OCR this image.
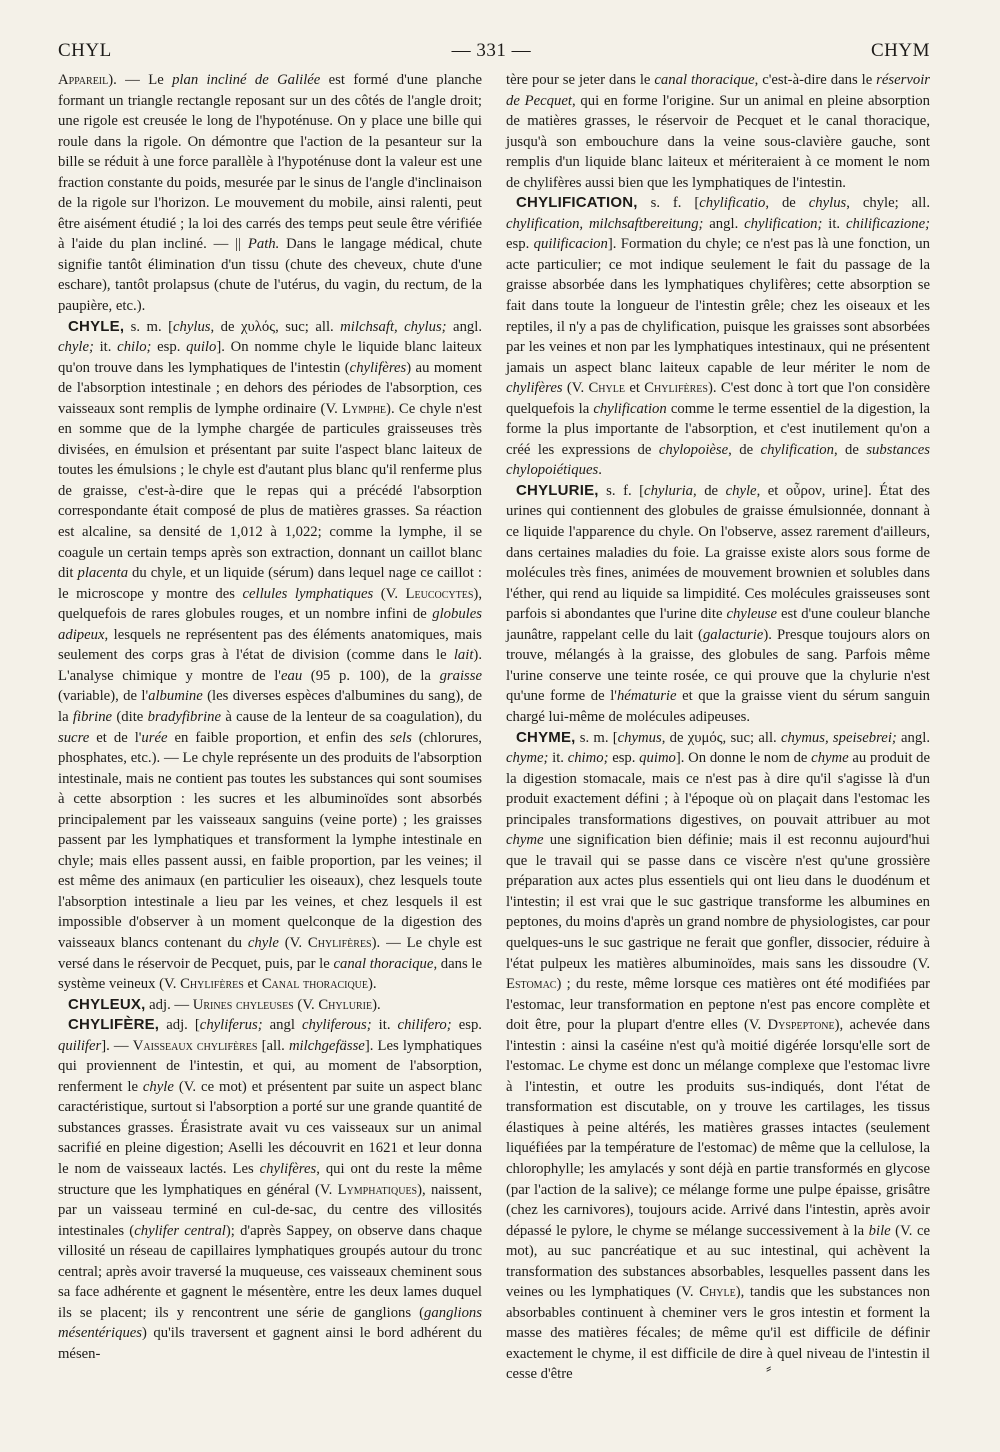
CHYL	— 331 —	CHYM

Appareil). — Le plan incliné de Galilée est formé d'une planche formant un triangle rectangle reposant sur un des côtés de l'angle droit; une rigole est creusée le long de l'hypoténuse. On y place une bille qui roule dans la rigole. On démontre que l'action de la pesanteur sur la bille se réduit à une force parallèle à l'hypoténuse dont la valeur est une fraction constante du poids, mesurée par le sinus de l'angle d'inclinaison de la rigole sur l'horizon. Le mouvement du mobile, ainsi ralenti, peut être aisément étudié ; la loi des carrés des temps peut seule être vérifiée à l'aide du plan incliné. — || Path. Dans le langage médical, chute signifie tantôt élimination d'un tissu (chute des cheveux, chute d'une eschare), tantôt prolapsus (chute de l'utérus, du vagin, du rectum, de la paupière, etc.).

CHYLE, s. m. [chylus, de χυλός, suc; all. milchsaft, chylus; angl. chyle; it. chilo; esp. quilo]. On nomme chyle le liquide blanc laiteux qu'on trouve dans les lymphatiques de l'intestin (chylifères) au moment de l'absorption intestinale ; en dehors des périodes de l'absorption, ces vaisseaux sont remplis de lymphe ordinaire (V. Lymphe). Ce chyle n'est en somme que de la lymphe chargée de particules graisseuses très divisées, en émulsion et présentant par suite l'aspect blanc laiteux de toutes les émulsions ; le chyle est d'autant plus blanc qu'il renferme plus de graisse, c'est-à-dire que le repas qui a précédé l'absorption correspondante était composé de plus de matières grasses. Sa réaction est alcaline, sa densité de 1,012 à 1,022; comme la lymphe, il se coagule un certain temps après son extraction, donnant un caillot blanc dit placenta du chyle, et un liquide (sérum) dans lequel nage ce caillot : le microscope y montre des cellules lymphatiques (V. Leucocytes), quelquefois de rares globules rouges, et un nombre infini de globules adipeux, lesquels ne représentent pas des éléments anatomiques, mais seulement des corps gras à l'état de division (comme dans le lait). L'analyse chimique y montre de l'eau (95 p. 100), de la graisse (variable), de l'albumine (les diverses espèces d'albumines du sang), de la fibrine (dite bradyfibrine à cause de la lenteur de sa coagulation), du sucre et de l'urée en faible proportion, et enfin des sels (chlorures, phosphates, etc.). — Le chyle représente un des produits de l'absorption intestinale, mais ne contient pas toutes les substances qui sont soumises à cette absorption : les sucres et les albuminoïdes sont absorbés principalement par les vaisseaux sanguins (veine porte) ; les graisses passent par les lymphatiques et transforment la lymphe intestinale en chyle; mais elles passent aussi, en faible proportion, par les veines; il est même des animaux (en particulier les oiseaux), chez lesquels toute l'absorption intestinale a lieu par les veines, et chez lesquels il est impossible d'observer à un moment quelconque de la digestion des vaisseaux blancs contenant du chyle (V. Chylifères). — Le chyle est versé dans le réservoir de Pecquet, puis, par le canal thoracique, dans le système veineux (V. Chylifères et Canal thoracique).

CHYLEUX, adj. — Urines chyleuses (V. Chylurie).

CHYLIFÈRE, adj. [chyliferus; angl chyliferous; it. chilifero; esp. quilifer]. — Vaisseaux chylifères [all. milchgefässe]. Les lymphatiques qui proviennent de l'intestin, et qui, au moment de l'absorption, renferment le chyle (V. ce mot) et présentent par suite un aspect blanc caractéristique, surtout si l'absorption a porté sur une grande quantité de substances grasses. Érasistrate avait vu ces vaisseaux sur un animal sacrifié en pleine digestion; Aselli les découvrit en 1621 et leur donna le nom de vaisseaux lactés. Les chylifères, qui ont du reste la même structure que les lymphatiques en général (V. Lymphatiques), naissent, par un vaisseau terminé en cul-de-sac, du centre des villosités intestinales (chylifer central); d'après Sappey, on observe dans chaque villosité un réseau de capillaires lymphatiques groupés autour du tronc central; après avoir traversé la muqueuse, ces vaisseaux cheminent sous sa face adhérente et gagnent le mésentère, entre les deux lames duquel ils se placent; ils y rencontrent une série de ganglions (ganglions mésentériques) qu'ils traversent et gagnent ainsi le bord adhérent du mésen-

tère pour se jeter dans le canal thoracique, c'est-à-dire dans le réservoir de Pecquet, qui en forme l'origine. Sur un animal en pleine absorption de matières grasses, le réservoir de Pecquet et le canal thoracique, jusqu'à son embouchure dans la veine sous-clavière gauche, sont remplis d'un liquide blanc laiteux et mériteraient à ce moment le nom de chylifères aussi bien que les lymphatiques de l'intestin.

CHYLIFICATION, s. f. [chylificatio, de chylus, chyle; all. chylification, milchsaftbereitung; angl. chylification; it. chilificazione; esp. quilificacion]. Formation du chyle; ce n'est pas là une fonction, un acte particulier; ce mot indique seulement le fait du passage de la graisse absorbée dans les lymphatiques chylifères; cette absorption se fait dans toute la longueur de l'intestin grêle; chez les oiseaux et les reptiles, il n'y a pas de chylification, puisque les graisses sont absorbées par les veines et non par les lymphatiques intestinaux, qui ne présentent jamais un aspect blanc laiteux capable de leur mériter le nom de chylifères (V. Chyle et Chylifères). C'est donc à tort que l'on considère quelquefois la chylification comme le terme essentiel de la digestion, la forme la plus importante de l'absorption, et c'est inutilement qu'on a créé les expressions de chylopoièse, de chylification, de substances chylopoiétiques.

CHYLURIE, s. f. [chyluria, de chyle, et οὖρον, urine]. État des urines qui contiennent des globules de graisse émulsionnée, donnant à ce liquide l'apparence du chyle. On l'observe, assez rarement d'ailleurs, dans certaines maladies du foie. La graisse existe alors sous forme de molécules très fines, animées de mouvement brownien et solubles dans l'éther, qui rend au liquide sa limpidité. Ces molécules graisseuses sont parfois si abondantes que l'urine dite chyleuse est d'une couleur blanche jaunâtre, rappelant celle du lait (galacturie). Presque toujours alors on trouve, mélangés à la graisse, des globules de sang. Parfois même l'urine conserve une teinte rosée, ce qui prouve que la chylurie n'est qu'une forme de l'hématurie et que la graisse vient du sérum sanguin chargé lui-même de molécules adipeuses.

CHYME, s. m. [chymus, de χυμός, suc; all. chymus, speisebrei; angl. chyme; it. chimo; esp. quimo]. On donne le nom de chyme au produit de la digestion stomacale, mais ce n'est pas à dire qu'il s'agisse là d'un produit exactement défini ; à l'époque où on plaçait dans l'estomac les principales transformations digestives, on pouvait attribuer au mot chyme une signification bien définie; mais il est reconnu aujourd'hui que le travail qui se passe dans ce viscère n'est qu'une grossière préparation aux actes plus essentiels qui ont lieu dans le duodénum et l'intestin; il est vrai que le suc gastrique transforme les albumines en peptones, du moins d'après un grand nombre de physiologistes, car pour quelques-uns le suc gastrique ne ferait que gonfler, dissocier, réduire à l'état pulpeux les matières albuminoïdes, mais sans les dissoudre (V. Estomac) ; du reste, même lorsque ces matières ont été modifiées par l'estomac, leur transformation en peptone n'est pas encore complète et doit être, pour la plupart d'entre elles (V. Dyspeptone), achevée dans l'intestin : ainsi la caséine n'est qu'à moitié digérée lorsqu'elle sort de l'estomac. Le chyme est donc un mélange complexe que l'estomac livre à l'intestin, et outre les produits sus-indiqués, dont l'état de transformation est discutable, on y trouve les cartilages, les tissus élastiques à peine altérés, les matières grasses intactes (seulement liquéfiées par la température de l'estomac) de même que la cellulose, la chlorophylle; les amylacés y sont déjà en partie transformés en glycose (par l'action de la salive); ce mélange forme une pulpe épaisse, grisâtre (chez les carnivores), toujours acide. Arrivé dans l'intestin, après avoir dépassé le pylore, le chyme se mélange successivement à la bile (V. ce mot), au suc pancréatique et au suc intestinal, qui achèvent la transformation des substances absorbables, lesquelles passent dans les veines ou les lymphatiques (V. Chyle), tandis que les substances non absorbables continuent à cheminer vers le gros intestin et forment la masse des matières fécales; de même qu'il est difficile de définir exactement le chyme, il est difficile de dire à quel niveau de l'intestin il cesse d'être	⸗
